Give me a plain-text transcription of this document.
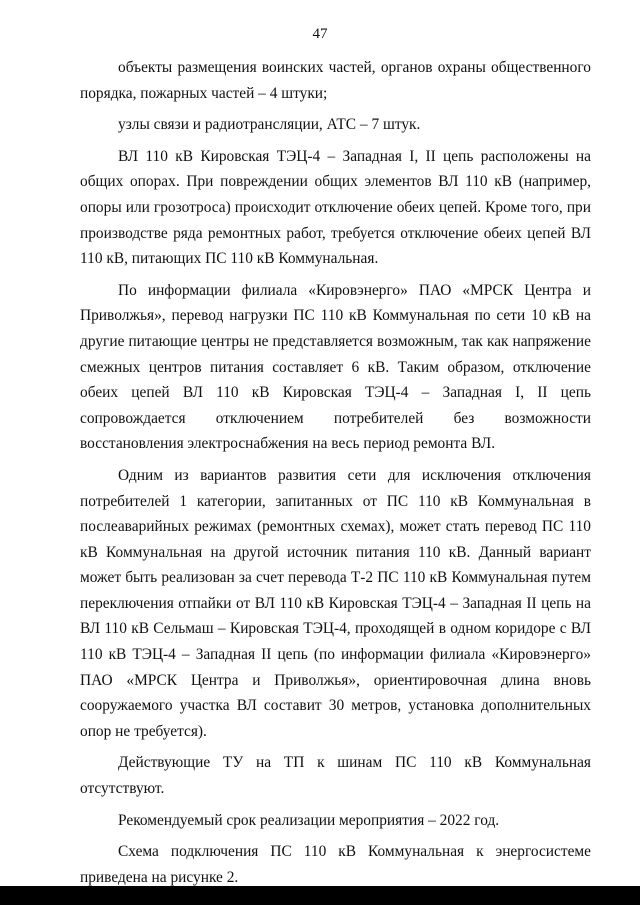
47

объекты размещения воинских частей, органов охраны общественного порядка, пожарных частей – 4 штуки;

узлы связи и радиотрансляции, АТС – 7 штук.

ВЛ 110 кВ Кировская ТЭЦ-4 – Западная I, II цепь расположены на общих опорах. При повреждении общих элементов ВЛ 110 кВ (например, опоры или грозотроса) происходит отключение обеих цепей. Кроме того, при производстве ряда ремонтных работ, требуется отключение обеих цепей ВЛ 110 кВ, питающих ПС 110 кВ Коммунальная.

По информации филиала «Кировэнерго» ПАО «МРСК Центра и Приволжья», перевод нагрузки ПС 110 кВ Коммунальная по сети 10 кВ на другие питающие центры не представляется возможным, так как напряжение смежных центров питания составляет 6 кВ. Таким образом, отключение обеих цепей ВЛ 110 кВ Кировская ТЭЦ-4 – Западная I, II цепь сопровождается отключением потребителей без возможности восстановления электроснабжения на весь период ремонта ВЛ.

Одним из вариантов развития сети для исключения отключения потребителей 1 категории, запитанных от ПС 110 кВ Коммунальная в послеаварийных режимах (ремонтных схемах), может стать перевод ПС 110 кВ Коммунальная на другой источник питания 110 кВ. Данный вариант может быть реализован за счет перевода Т-2 ПС 110 кВ Коммунальная путем переключения отпайки от ВЛ 110 кВ Кировская ТЭЦ-4 – Западная II цепь на ВЛ 110 кВ Сельмаш – Кировская ТЭЦ-4, проходящей в одном коридоре с ВЛ 110 кВ ТЭЦ-4 – Западная II цепь (по информации филиала «Кировэнерго» ПАО «МРСК Центра и Приволжья», ориентировочная длина вновь сооружаемого участка ВЛ составит 30 метров, установка дополнительных опор не требуется).

Действующие ТУ на ТП к шинам ПС 110 кВ Коммунальная отсутствуют.

Рекомендуемый срок реализации мероприятия – 2022 год.

Схема подключения ПС 110 кВ Коммунальная к энергосистеме приведена на рисунке 2.
